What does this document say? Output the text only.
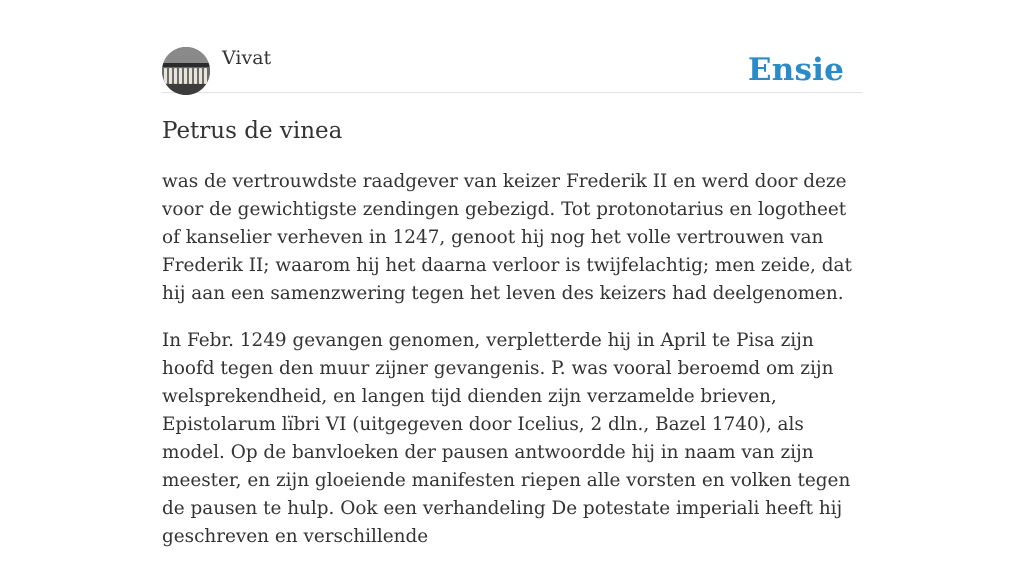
Vivat	Ensie
Petrus de vinea

was de vertrouwdste raadgever van keizer Frederik II en werd door deze voor de gewichtigste zendingen gebezigd. Tot protonotarius en logotheet of kanselier verheven in 1247, genoot hij nog het volle vertrouwen van Frederik II; waarom hij het daarna verloor is twijfelachtig; men zeide, dat hij aan een samenzwering tegen het leven des keizers had deelgenomen.

In Febr. 1249 gevangen genomen, verpletterde hij in April te Pisa zijn hoofd tegen den muur zijner gevangenis. P. was vooral beroemd om zijn welsprekendheid, en langen tijd dienden zijn verzamelde brieven, Epistolarum lïbri VI (uitgegeven door Icelius, 2 dln., Bazel 1740), als model. Op de banvloeken der pausen antwoordde hij in naam van zijn meester, en zijn gloeiende manifesten riepen alle vorsten en volken tegen de pausen te hulp. Ook een verhandeling De potestate imperiali heeft hij geschreven en verschillende
